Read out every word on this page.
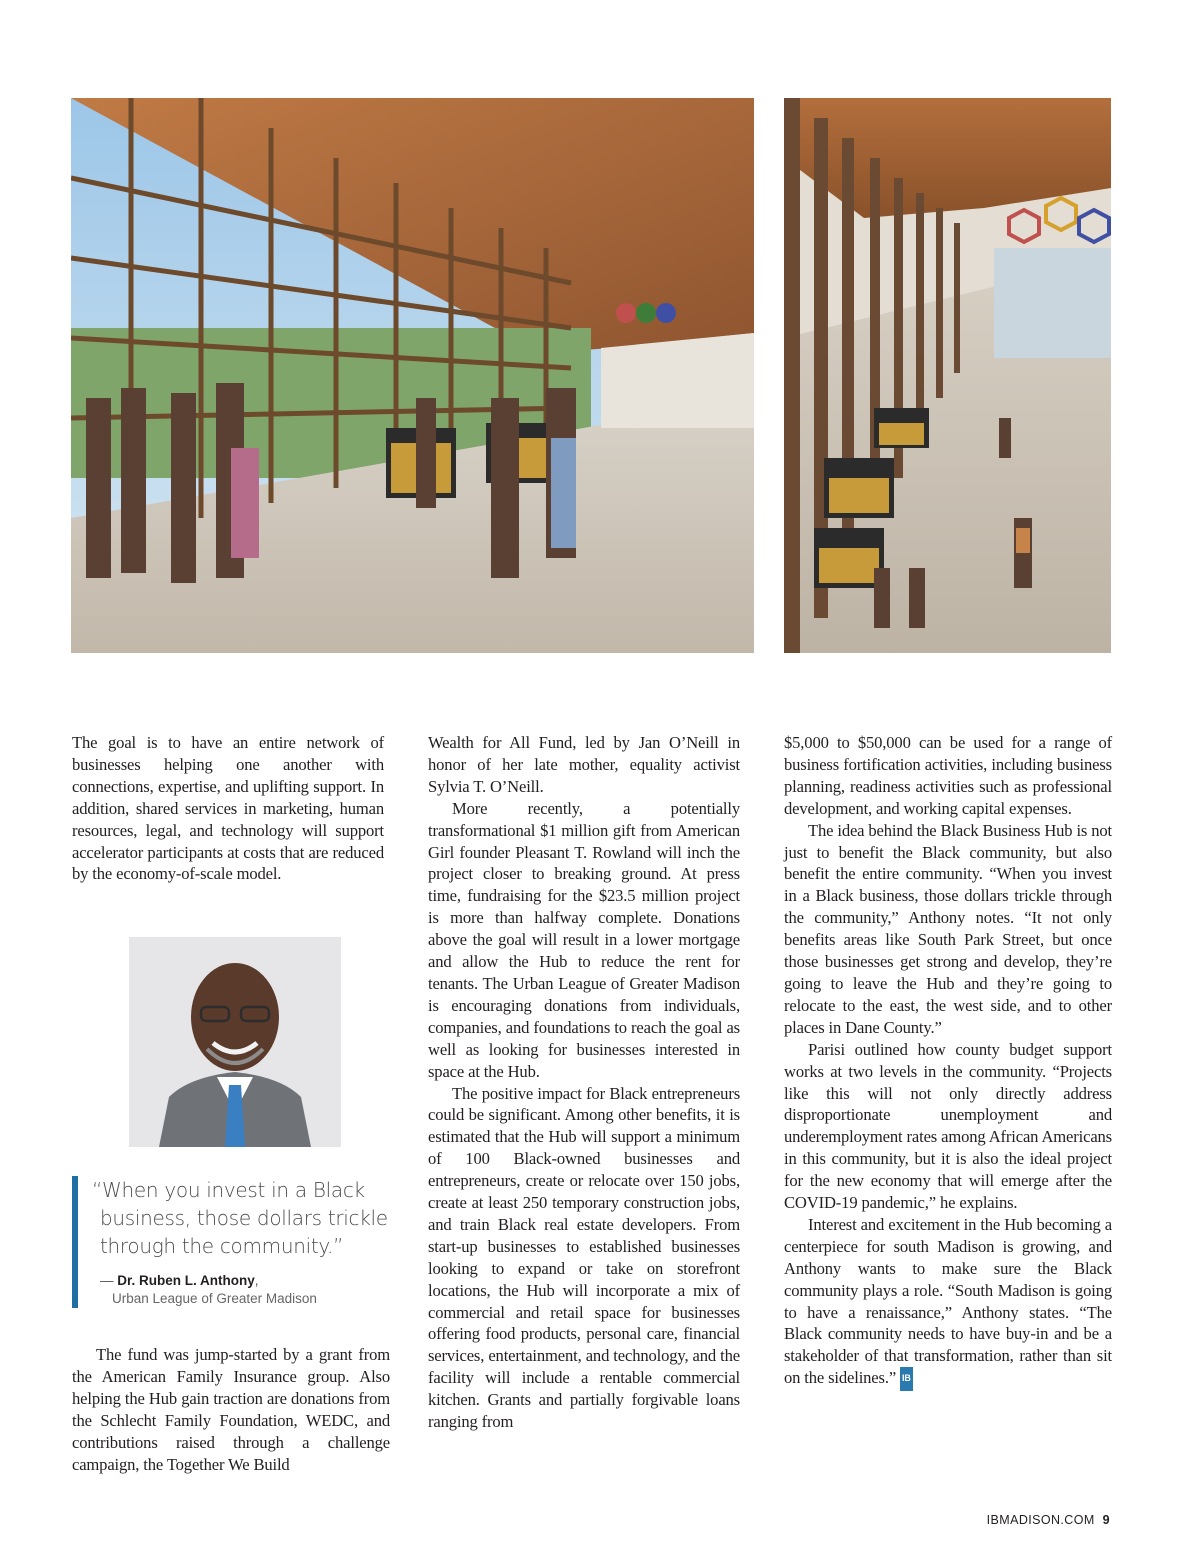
The goal is to have an entire network of businesses helping one another with connections, expertise, and uplifting support. In addition, shared services in marketing, human resources, legal, and technology will support accelerator participants at costs that are reduced by the economy-of-scale model.

“When you invest in a Black
business, those dollars trickle
through the community.”
— Dr. Ruben L. Anthony,
Urban League of Greater Madison

The fund was jump-started by a grant from the American Family Insurance group. Also helping the Hub gain traction are donations from the Schlecht Family Foundation, WEDC, and contributions raised through a challenge campaign, the Together We Build

Wealth for All Fund, led by Jan O’Neill in honor of her late mother, equality activist Sylvia T. O’Neill.

More recently, a potentially transformational $1 million gift from American Girl founder Pleasant T. Rowland will inch the project closer to breaking ground. At press time, fundraising for the $23.5 million project is more than halfway complete. Donations above the goal will result in a lower mortgage and allow the Hub to reduce the rent for tenants. The Urban League of Greater Madison is encouraging donations from individuals, companies, and foundations to reach the goal as well as looking for businesses interested in space at the Hub.

The positive impact for Black entrepreneurs could be significant. Among other benefits, it is estimated that the Hub will support a minimum of 100 Black-owned businesses and entrepreneurs, create or relocate over 150 jobs, create at least 250 temporary construction jobs, and train Black real estate developers. From start-up businesses to established businesses looking to expand or take on storefront locations, the Hub will incorporate a mix of commercial and retail space for businesses offering food products, personal care, financial services, entertainment, and technology, and the facility will include a rentable commercial kitchen. Grants and partially forgivable loans ranging from

$5,000 to $50,000 can be used for a range of business fortification activities, including business planning, readiness activities such as professional development, and working capital expenses.

The idea behind the Black Business Hub is not just to benefit the Black community, but also benefit the entire community. “When you invest in a Black business, those dollars trickle through the community,” Anthony notes. “It not only benefits areas like South Park Street, but once those businesses get strong and develop, they’re going to leave the Hub and they’re going to relocate to the east, the west side, and to other places in Dane County.”

Parisi outlined how county budget support works at two levels in the community. “Projects like this will not only directly address disproportionate unemployment and underemployment rates among African Americans in this community, but it is also the ideal project for the new economy that will emerge after the COVID-19 pandemic,” he explains.

Interest and excitement in the Hub becoming a centerpiece for south Madison is growing, and Anthony wants to make sure the Black community plays a role. “South Madison is going to have a renaissance,” Anthony states. “The Black community needs to have buy-in and be a stakeholder of that transformation, rather than sit on the sidelines.” IB

IBMADISON.COM 9
